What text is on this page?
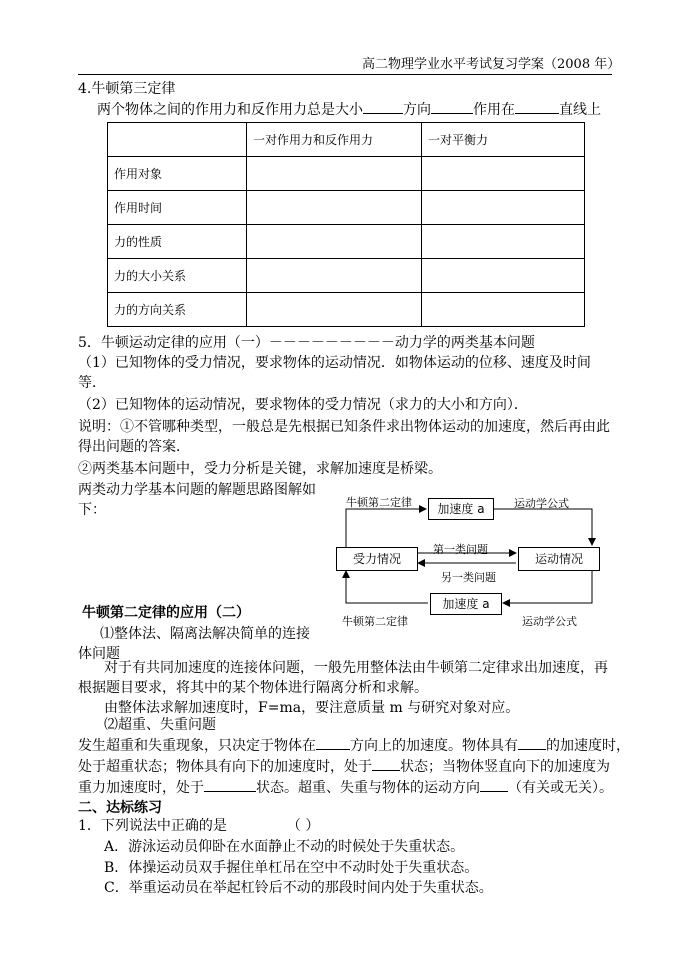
高二物理学业水平考试复习学案（2008 年）
4.牛顿第三定律
两个物体之间的作用力和反作用力总是大小	方向	作用在	直线上
	一对作用力和反作用力	一对平衡力
作用对象		
作用时间		
力的性质		
力的大小关系		
力的方向关系		
5．牛顿运动定律的应用（一）－－－－－－－－－动力学的两类基本问题
（1）已知物体的受力情况，要求物体的运动情况．如物体运动的位移、速度及时间
等．
（2）已知物体的运动情况，要求物体的受力情况（求力的大小和方向）．
说明：①不管哪种类型，一般总是先根据已知条件求出物体运动的加速度，然后再由此
得出问题的答案．
②两类基本问题中，受力分析是关键，求解加速度是桥梁。
两类动力学基本问题的解题思路图解如
下：	牛顿第二定律	加速度 a	运动学公式
受力情况
第一类问题
另一类问题
运动情况
加速度 a
牛顿第二定律	运动学公式
牛顿第二定律的应用（二）
⑴整体法、隔离法解决简单的连接
体问题
对于有共同加速度的连接体问题，一般先用整体法由牛顿第二定律求出加速度，再
根据题目要求，将其中的某个物体进行隔离分析和求解。
由整体法求解加速度时，F=ma，要注意质量 m 与研究对象对应。
⑵超重、失重问题
发生超重和失重现象，只决定于物体在 方向上的加速度。物体具有 的加速度时，
处于超重状态；物体具有向下的加速度时，处于 状态；当物体竖直向下的加速度为
重力加速度时，处于	状态。超重、失重与物体的运动方向 （有关或无关）。
二、达标练习
1．下列说法中正确的是	（ ）
A．游泳运动员仰卧在水面静止不动的时候处于失重状态。
B．体操运动员双手握住单杠吊在空中不动时处于失重状态。
C．举重运动员在举起杠铃后不动的那段时间内处于失重状态。
